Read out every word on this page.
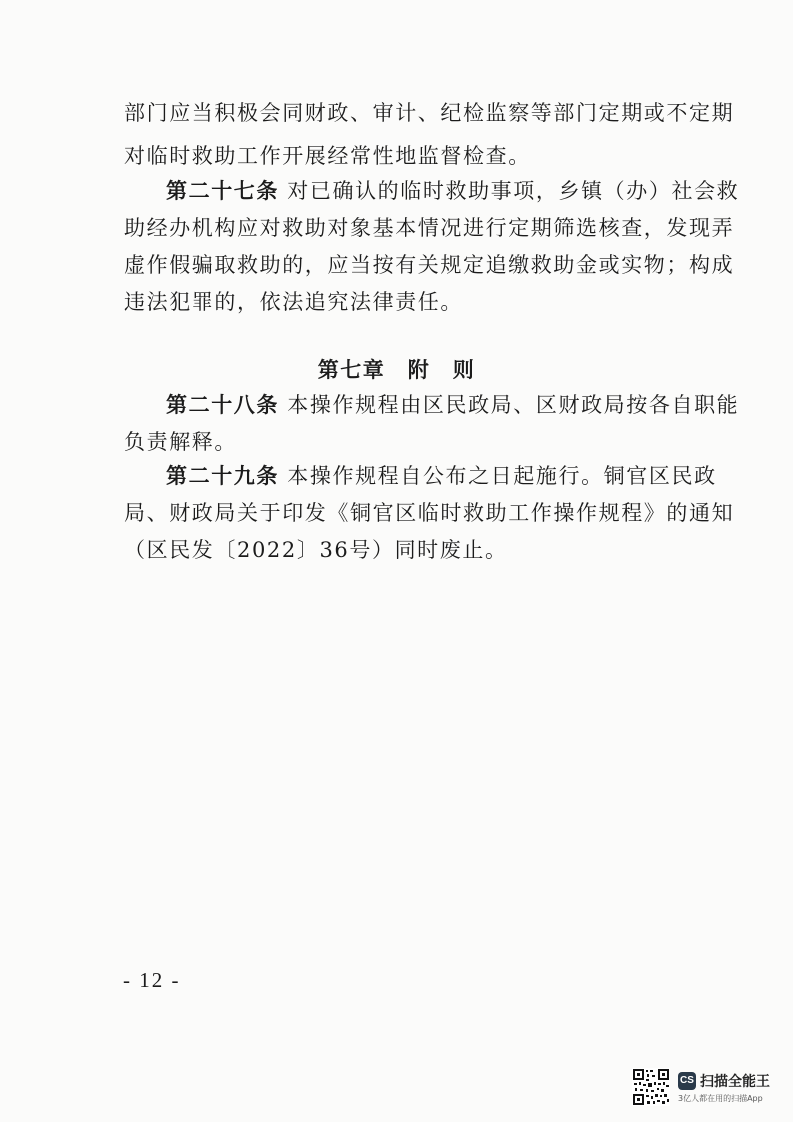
部门应当积极会同财政、审计、纪检监察等部门定期或不定期
对临时救助工作开展经常性地监督检查。
第二十七条 对已确认的临时救助事项，乡镇（办）社会救
助经办机构应对救助对象基本情况进行定期筛选核查，发现弄
虚作假骗取救助的，应当按有关规定追缴救助金或实物；构成
违法犯罪的，依法追究法律责任。
第七章　附　则
第二十八条 本操作规程由区民政局、区财政局按各自职能
负责解释。
第二十九条 本操作规程自公布之日起施行。铜官区民政
局、财政局关于印发《铜官区临时救助工作操作规程》的通知
（区民发〔2022〕36号）同时废止。
- 12 -
CS 扫描全能王
3亿人都在用的扫描App
